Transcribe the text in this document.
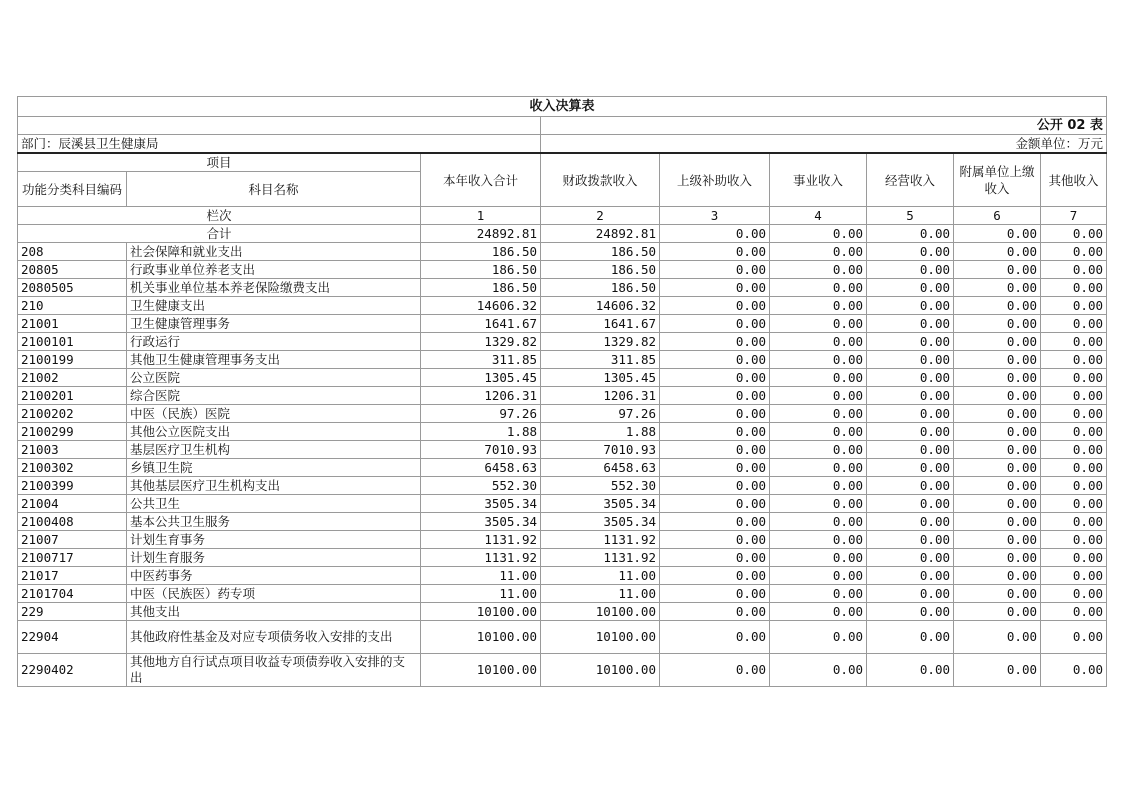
收入决算表								
			公开 02 表					
部门：辰溪县卫生健康局			金额单位：万元					
项目		本年收入合计	财政拨款收入	上级补助收入	事业收入	经营收入	附属单位上缴收入	其他收入
功能分类科目编码	科目名称							
栏次		1	2	3	4	5	6	7
合计		24892.81	24892.81	0.00	0.00	0.00	0.00	0.00
208	社会保障和就业支出	186.50	186.50	0.00	0.00	0.00	0.00	0.00
20805	行政事业单位养老支出	186.50	186.50	0.00	0.00	0.00	0.00	0.00
2080505	机关事业单位基本养老保险缴费支出	186.50	186.50	0.00	0.00	0.00	0.00	0.00
210	卫生健康支出	14606.32	14606.32	0.00	0.00	0.00	0.00	0.00
21001	卫生健康管理事务	1641.67	1641.67	0.00	0.00	0.00	0.00	0.00
2100101	行政运行	1329.82	1329.82	0.00	0.00	0.00	0.00	0.00
2100199	其他卫生健康管理事务支出	311.85	311.85	0.00	0.00	0.00	0.00	0.00
21002	公立医院	1305.45	1305.45	0.00	0.00	0.00	0.00	0.00
2100201	综合医院	1206.31	1206.31	0.00	0.00	0.00	0.00	0.00
2100202	中医（民族）医院	97.26	97.26	0.00	0.00	0.00	0.00	0.00
2100299	其他公立医院支出	1.88	1.88	0.00	0.00	0.00	0.00	0.00
21003	基层医疗卫生机构	7010.93	7010.93	0.00	0.00	0.00	0.00	0.00
2100302	乡镇卫生院	6458.63	6458.63	0.00	0.00	0.00	0.00	0.00
2100399	其他基层医疗卫生机构支出	552.30	552.30	0.00	0.00	0.00	0.00	0.00
21004	公共卫生	3505.34	3505.34	0.00	0.00	0.00	0.00	0.00
2100408	基本公共卫生服务	3505.34	3505.34	0.00	0.00	0.00	0.00	0.00
21007	计划生育事务	1131.92	1131.92	0.00	0.00	0.00	0.00	0.00
2100717	计划生育服务	1131.92	1131.92	0.00	0.00	0.00	0.00	0.00
21017	中医药事务	11.00	11.00	0.00	0.00	0.00	0.00	0.00
2101704	中医（民族医）药专项	11.00	11.00	0.00	0.00	0.00	0.00	0.00
229	其他支出	10100.00	10100.00	0.00	0.00	0.00	0.00	0.00
22904	其他政府性基金及对应专项债务收入安排的支出	10100.00	10100.00	0.00	0.00	0.00	0.00	0.00
2290402	其他地方自行试点项目收益专项债券收入安排的支出	10100.00	10100.00	0.00	0.00	0.00	0.00	0.00
